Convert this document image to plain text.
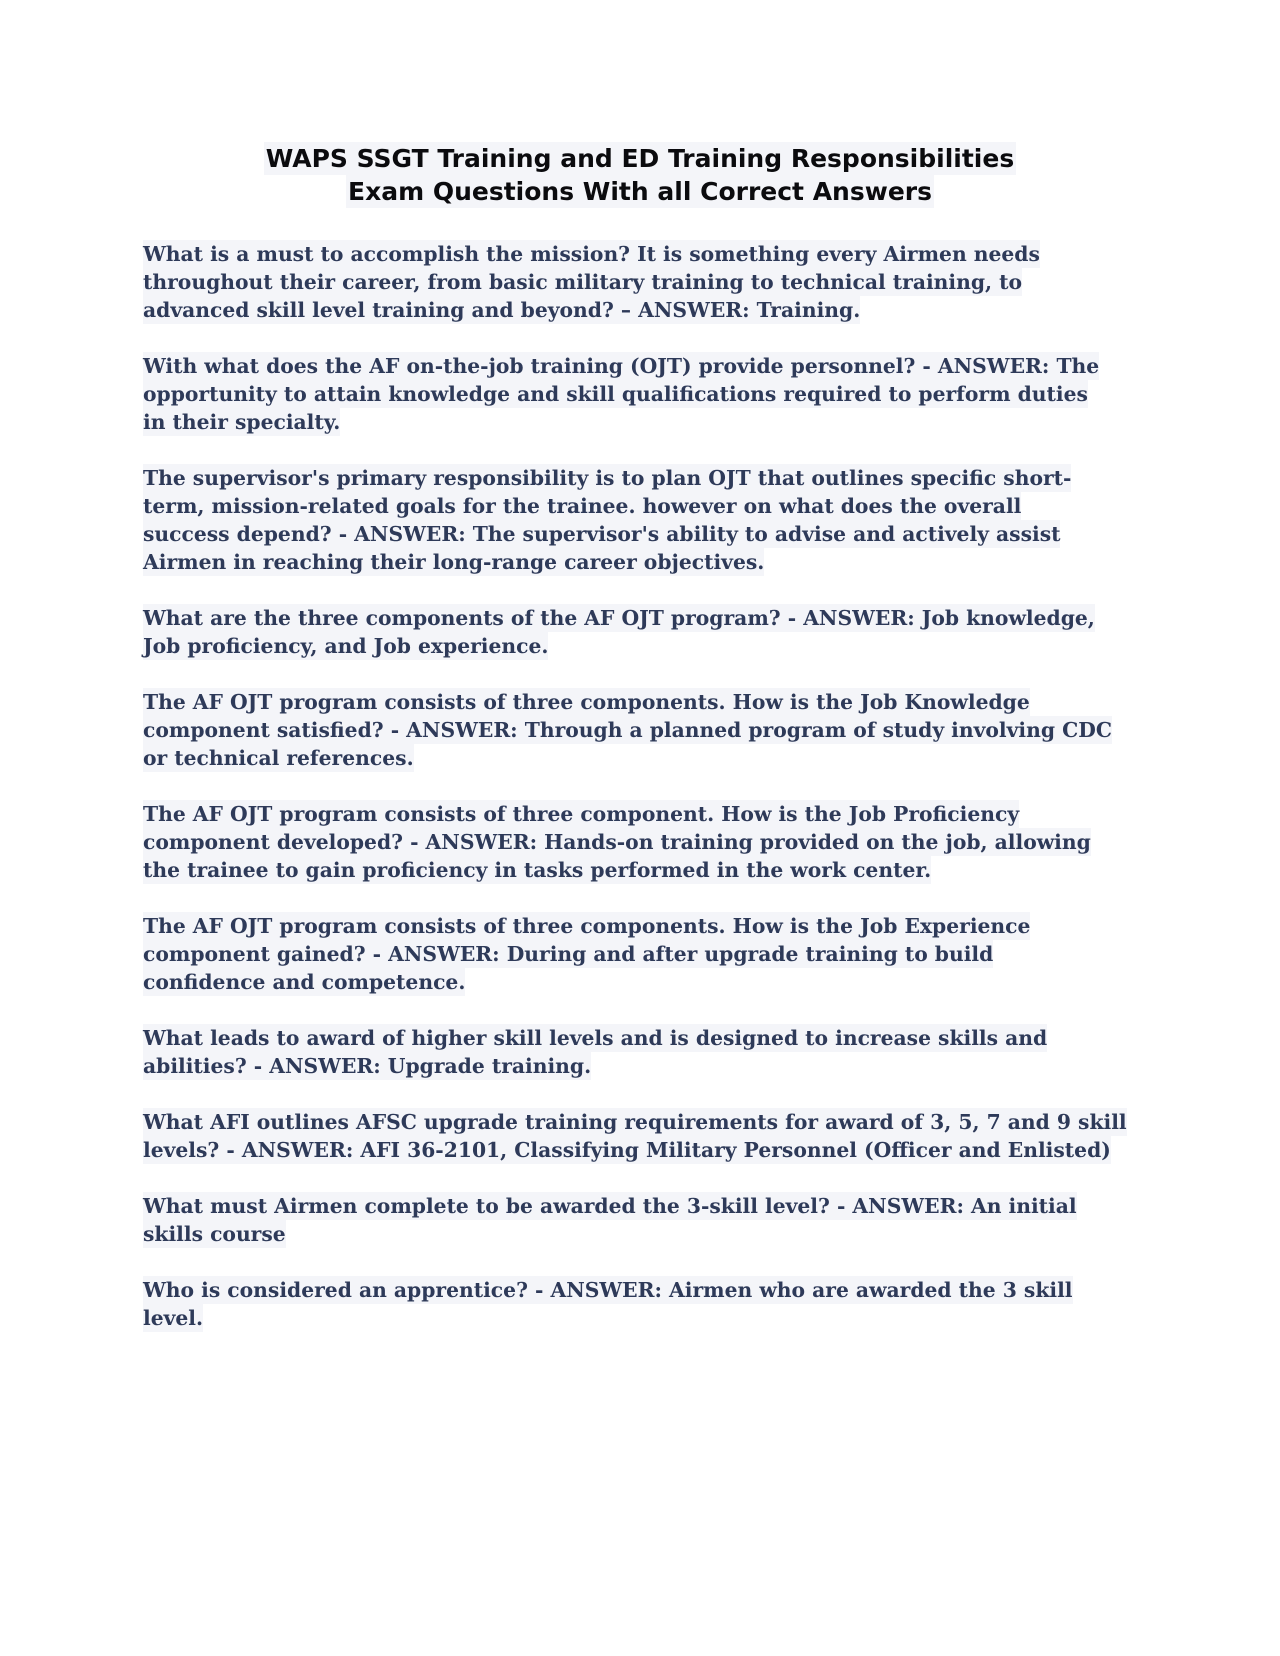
WAPS SSGT Training and ED Training Responsibilities
Exam Questions With all Correct Answers
What is a must to accomplish the mission? It is something every Airmen needs
throughout their career, from basic military training to technical training, to
advanced skill level training and beyond? – ANSWER: Training.
With what does the AF on-the-job training (OJT) provide personnel? - ANSWER: The
opportunity to attain knowledge and skill qualifications required to perform duties
in their specialty.
The supervisor's primary responsibility is to plan OJT that outlines specific short-
term, mission-related goals for the trainee. however on what does the overall
success depend? - ANSWER: The supervisor's ability to advise and actively assist
Airmen in reaching their long-range career objectives.
What are the three components of the AF OJT program? - ANSWER: Job knowledge,
Job proficiency, and Job experience.
The AF OJT program consists of three components. How is the Job Knowledge
component satisfied? - ANSWER: Through a planned program of study involving CDC
or technical references.
The AF OJT program consists of three component. How is the Job Proficiency
component developed? - ANSWER: Hands-on training provided on the job, allowing
the trainee to gain proficiency in tasks performed in the work center.
The AF OJT program consists of three components. How is the Job Experience
component gained? - ANSWER: During and after upgrade training to build
confidence and competence.
What leads to award of higher skill levels and is designed to increase skills and
abilities? - ANSWER: Upgrade training.
What AFI outlines AFSC upgrade training requirements for award of 3, 5, 7 and 9 skill
levels? - ANSWER: AFI 36-2101, Classifying Military Personnel (Officer and Enlisted)
What must Airmen complete to be awarded the 3-skill level? - ANSWER: An initial
skills course
Who is considered an apprentice? - ANSWER: Airmen who are awarded the 3 skill
level.
